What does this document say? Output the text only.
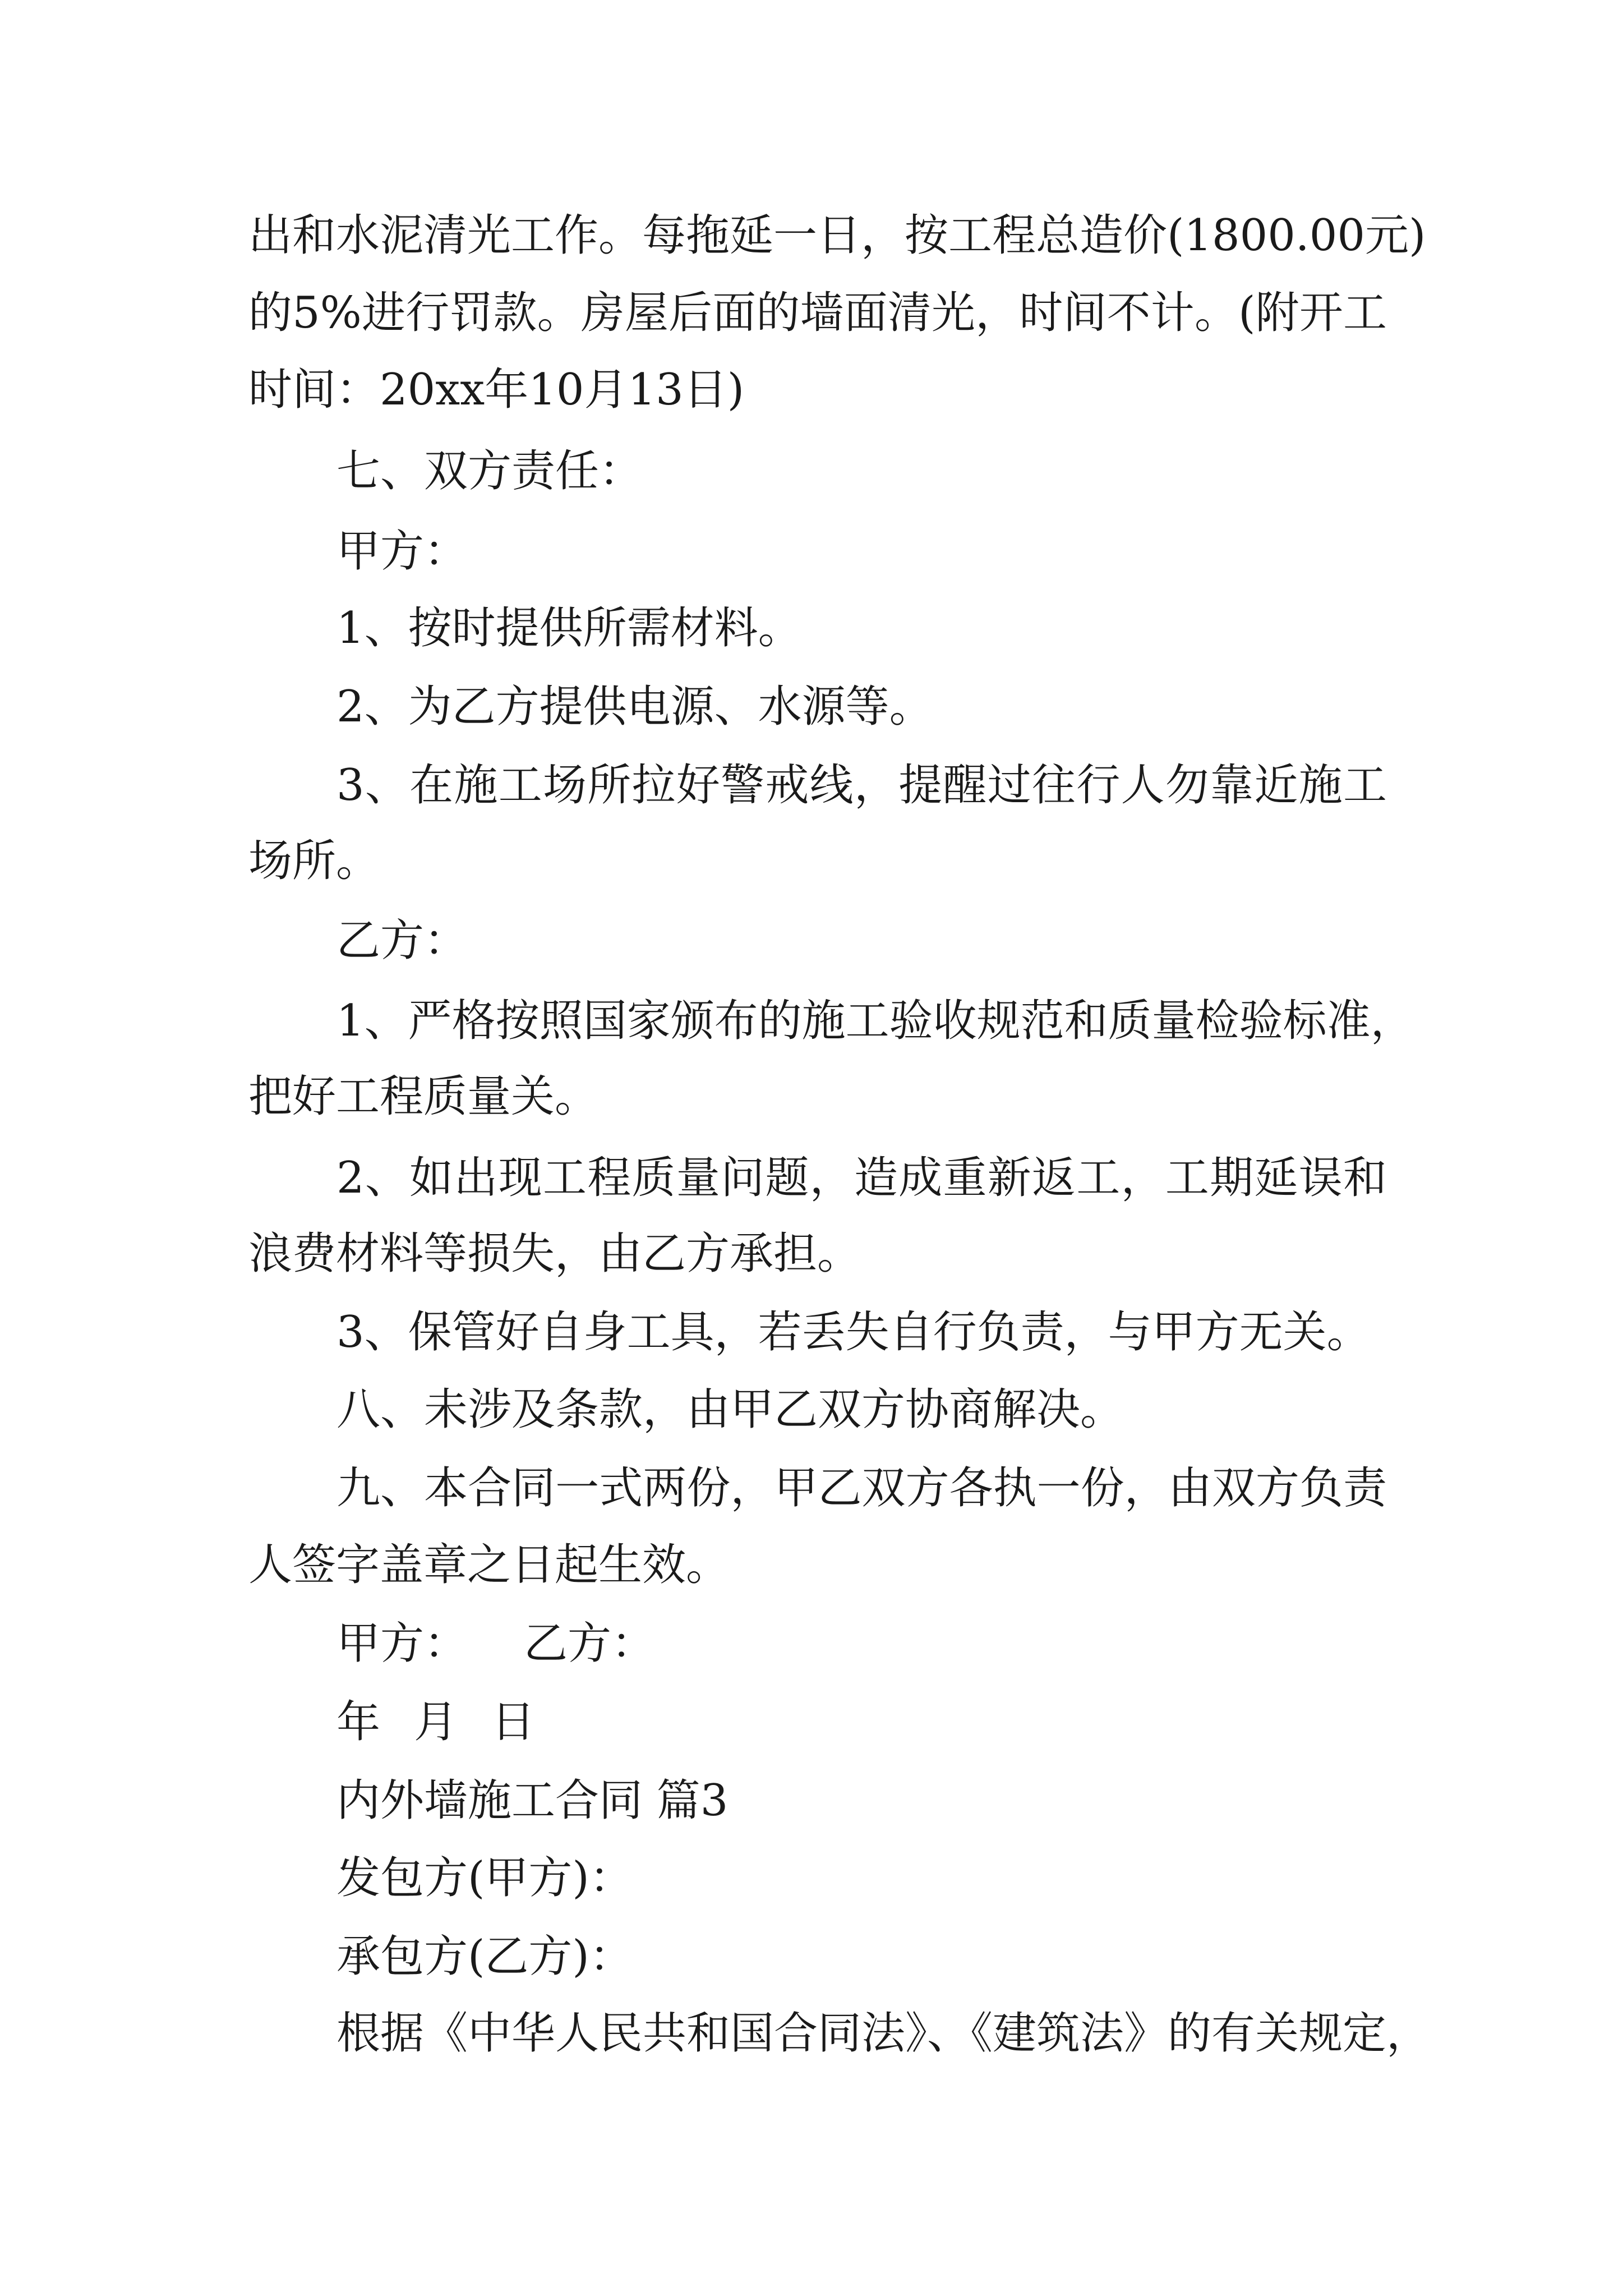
出和水泥清光工作。每拖延一日，按工程总造价(1800.00元)
的5%进行罚款。房屋后面的墙面清光，时间不计。(附开工
时间：20xx年10月13日)
七、双方责任：
甲方：
1、按时提供所需材料。
2、为乙方提供电源、水源等。
3、在施工场所拉好警戒线，提醒过往行人勿靠近施工
场所。
乙方：
1、严格按照国家颁布的施工验收规范和质量检验标准，
把好工程质量关。
2、如出现工程质量问题，造成重新返工，工期延误和
浪费材料等损失，由乙方承担。
3、保管好自身工具，若丢失自行负责，与甲方无关。
八、未涉及条款，由甲乙双方协商解决。
九、本合同一式两份，甲乙双方各执一份，由双方负责
人签字盖章之日起生效。
甲方： 乙方：
年 月 日
内外墙施工合同 篇3
发包方(甲方)：
承包方(乙方)：
根据《中华人民共和国合同法》、《建筑法》的有关规定，
